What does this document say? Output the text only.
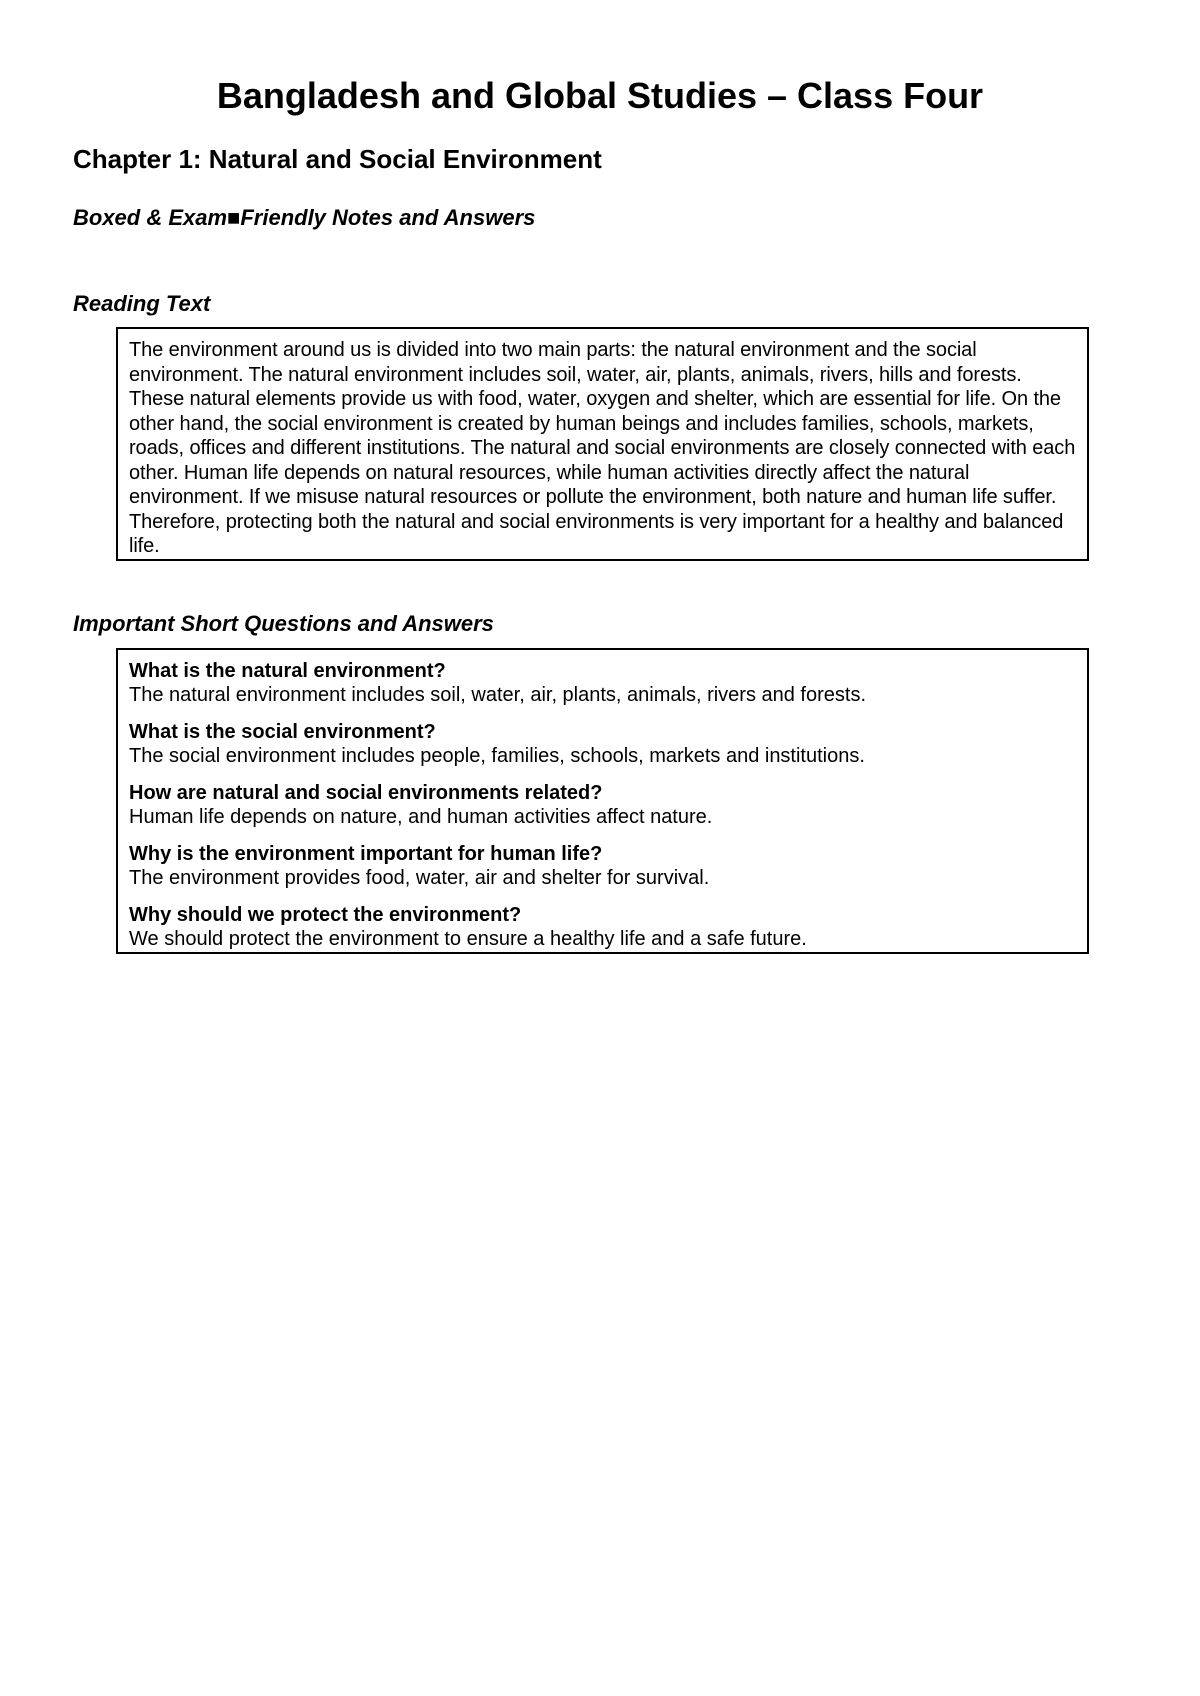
Bangladesh and Global Studies – Class Four
Chapter 1: Natural and Social Environment
Boxed & Exam■Friendly Notes and Answers
Reading Text

The environment around us is divided into two main parts: the natural environment and the social environment. The natural environment includes soil, water, air, plants, animals, rivers, hills and forests. These natural elements provide us with food, water, oxygen and shelter, which are essential for life. On the other hand, the social environment is created by human beings and includes families, schools, markets, roads, offices and different institutions. The natural and social environments are closely connected with each other. Human life depends on natural resources, while human activities directly affect the natural environment. If we misuse natural resources or pollute the environment, both nature and human life suffer. Therefore, protecting both the natural and social environments is very important for a healthy and balanced life.

Important Short Questions and Answers
What is the natural environment?
The natural environment includes soil, water, air, plants, animals, rivers and forests.
What is the social environment?
The social environment includes people, families, schools, markets and institutions.
How are natural and social environments related?
Human life depends on nature, and human activities affect nature.
Why is the environment important for human life?
The environment provides food, water, air and shelter for survival.
Why should we protect the environment?
We should protect the environment to ensure a healthy life and a safe future.
